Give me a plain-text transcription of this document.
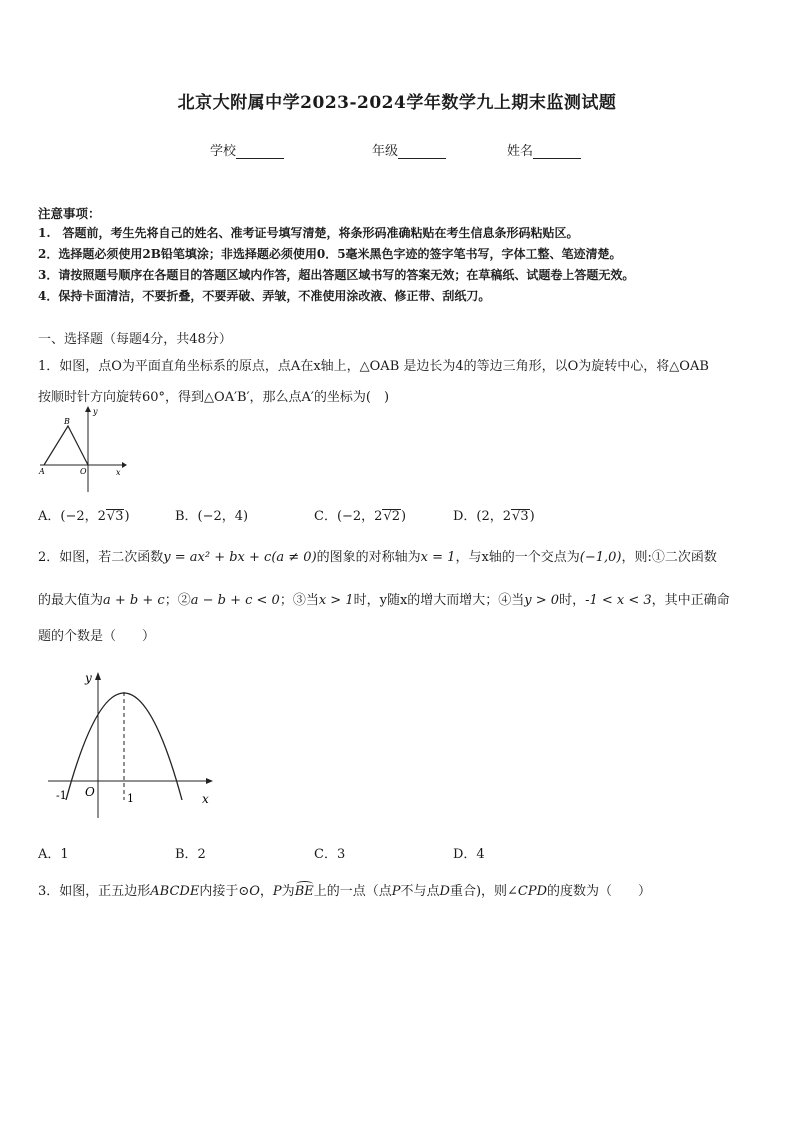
北京大附属中学2023-2024学年数学九上期末监测试题
学校	年级	姓名
注意事项：
1.　答题前，考生先将自己的姓名、准考证号填写清楚，将条形码准确粘贴在考生信息条形码粘贴区。
2．选择题必须使用2B铅笔填涂；非选择题必须使用0．5毫米黑色字迹的签字笔书写，字体工整、笔迹清楚。
3．请按照题号顺序在各题目的答题区域内作答，超出答题区域书写的答案无效；在草稿纸、试题卷上答题无效。
4．保持卡面清洁，不要折叠，不要弄破、弄皱，不准使用涂改液、修正带、刮纸刀。
一、选择题（每题4分，共48分）
1．如图，点O为平面直角坐标系的原点，点A在x轴上，△OAB 是边长为4的等边三角形，以O为旋转中心，将△OAB
按顺时针方向旋转60°，得到△OA′B′，那么点A′的坐标为(　)
y
x
B
A	O
A．(−2，2√3)	B．(−2，4)	C．(−2，2√2)	D．(2，2√3)
2．如图，若二次函数y = ax² + bx + c(a ≠ 0)的图象的对称轴为x = 1，与x轴的一个交点为(−1,0)，则:①二次函数
的最大值为a + b + c；②a − b + c < 0；③当x > 1时，y随x的增大而增大；④当y > 0时，-1 < x < 3，其中正确命
题的个数是（　　）
y
x
O
-1	1
A．1	B．2	C．3	D．4
3．如图，正五边形ABCDE内接于⊙O，P为
BE上的一点（点P不与点D重合)，则∠CPD的度数为（　　）
